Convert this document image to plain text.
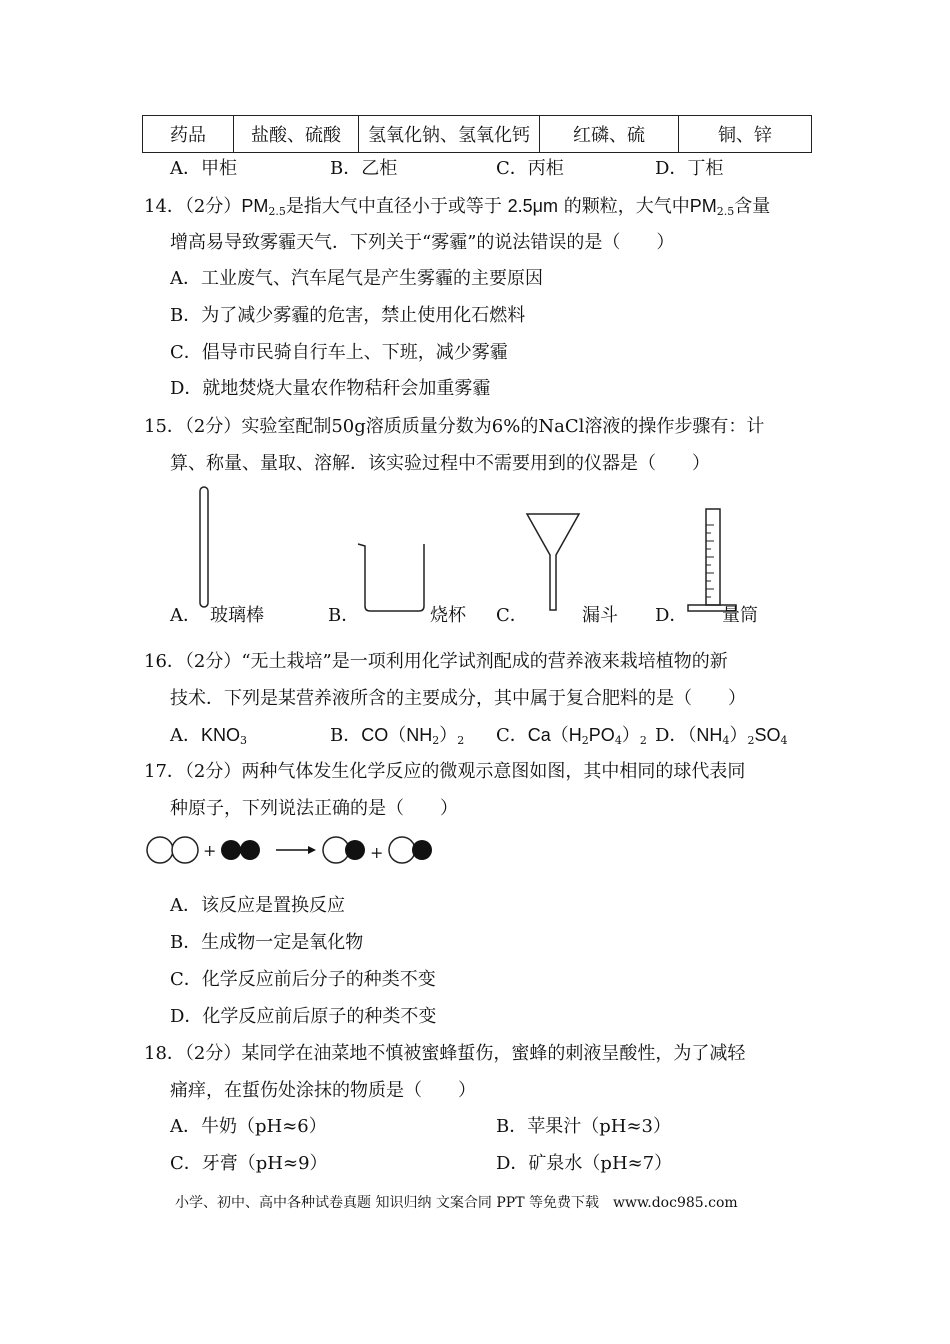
药品	盐酸、硫酸	氢氧化钠、氢氧化钙	红磷、硫	铜、锌
A．甲柜	B．乙柜	C．丙柜	D．丁柜
14．（2分）$PM_{2.5}$是指大气中直径小于或等于 2.5μm 的颗粒，大气中$PM_{2.5}$含量
增高易导致雾霾天气．下列关于“雾霾”的说法错误的是（　　）
A．工业废气、汽车尾气是产生雾霾的主要原因
B．为了减少雾霾的危害，禁止使用化石燃料
C．倡导市民骑自行车上、下班，减少雾霾
D．就地焚烧大量农作物秸秆会加重雾霾
15．（2分）实验室配制50g溶质质量分数为6%的NaCl溶液的操作步骤有：计
算、称量、量取、溶解．该实验过程中不需要用到的仪器是（　　）
A． 玻璃棒	B．	烧杯 C．	漏斗 D． 量筒
16．（2分）“无土栽培”是一项利用化学试剂配成的营养液来栽培植物的新
技术．下列是某营养液所含的主要成分，其中属于复合肥料的是（　　）
A．$KNO_3$	B．$CO(NH_2)_2$ C．$Ca(H_2PO_4)_2$ D．$(NH_4)_2SO_4$
17．（2分）两种气体发生化学反应的微观示意图如图，其中相同的球代表同
种原子，下列说法正确的是（　　）
+	+
A．该反应是置换反应
B．生成物一定是氧化物
C．化学反应前后分子的种类不变
D．化学反应前后原子的种类不变
18．（2分）某同学在油菜地不慎被蜜蜂蜇伤，蜜蜂的刺液呈酸性，为了减轻
痛痒，在蜇伤处涂抹的物质是（　　）
A．牛奶（pH≈6）	B．苹果汁（pH≈3）
C．牙膏（pH≈9）	D．矿泉水（pH≈7）
小学、初中、高中各种试卷真题 知识归纳 文案合同 PPT 等免费下载　www.doc985.com
